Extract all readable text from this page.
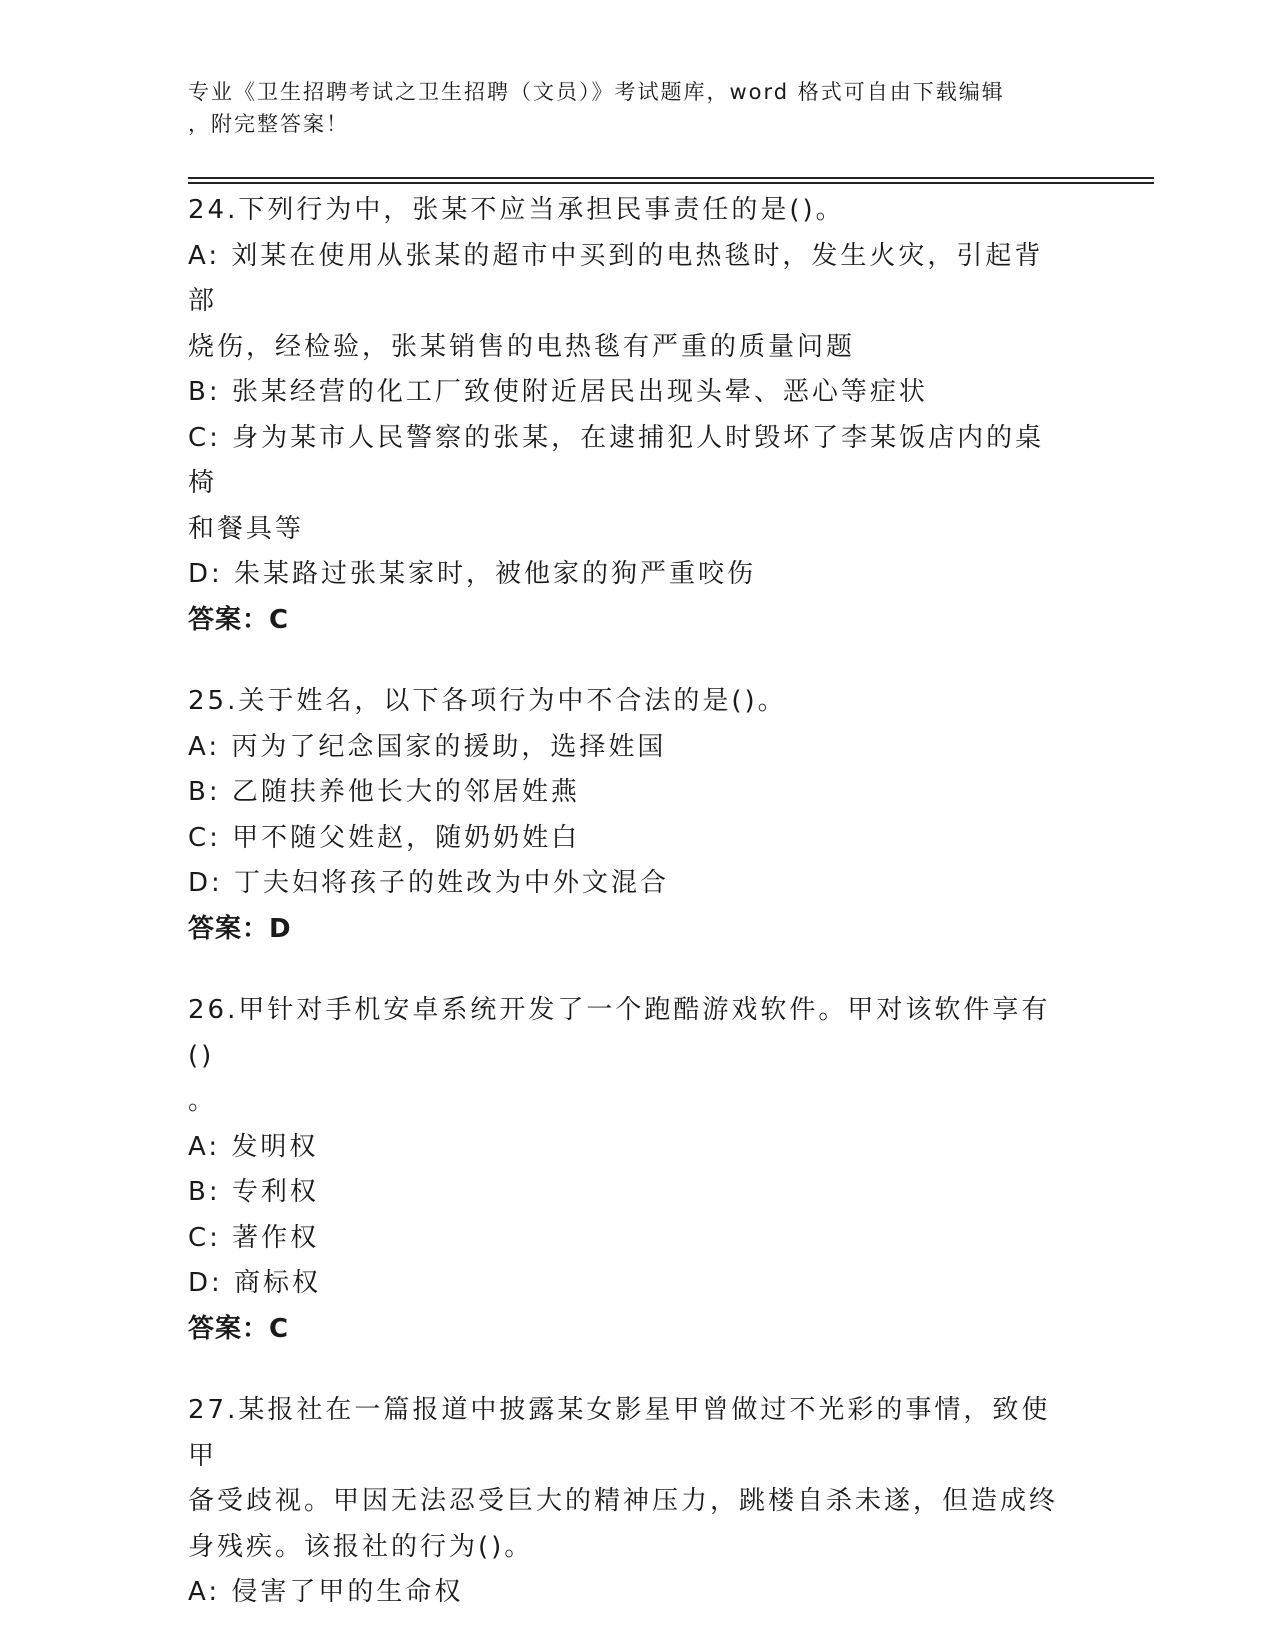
专业《卫生招聘考试之卫生招聘（文员）》考试题库，word 格式可自由下载编辑
，附完整答案！
24.下列行为中，张某不应当承担民事责任的是()。
A: 刘某在使用从张某的超市中买到的电热毯时，发生火灾，引起背部
烧伤，经检验，张某销售的电热毯有严重的质量问题
B: 张某经营的化工厂致使附近居民出现头晕、恶心等症状
C: 身为某市人民警察的张某，在逮捕犯人时毁坏了李某饭店内的桌椅
和餐具等
D: 朱某路过张某家时，被他家的狗严重咬伤
答案：C
25.关于姓名，以下各项行为中不合法的是()。
A: 丙为了纪念国家的援助，选择姓国
B: 乙随扶养他长大的邻居姓燕
C: 甲不随父姓赵，随奶奶姓白
D: 丁夫妇将孩子的姓改为中外文混合
答案：D
26.甲针对手机安卓系统开发了一个跑酷游戏软件。甲对该软件享有()
。
A: 发明权
B: 专利权
C: 著作权
D: 商标权
答案：C
27.某报社在一篇报道中披露某女影星甲曾做过不光彩的事情，致使甲
备受歧视。甲因无法忍受巨大的精神压力，跳楼自杀未遂，但造成终
身残疾。该报社的行为()。
A: 侵害了甲的生命权
